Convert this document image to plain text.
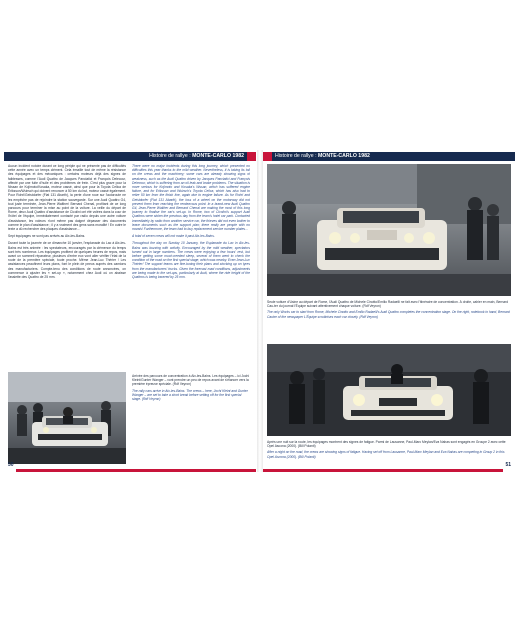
Histoire de rallye : MONTE-CARLO 1982

Aucun incident notoire durant ce long périple qui ne présente pas de difficultés cette année avec un temps clément. Cela émaille tout de même la résistance des équipages et des mécaniques : certains moteurs déjà des signes de faiblesses, comme l'Audi Quattro de Jacques Panciatici et François Delecour, affecté par une fuite d'huile et des problèmes de frein. C'est plus grave pour la Nissan de Kojimoto/Kosaka, moteur cassé, ainsi que pour la Toyota Celica de Eriksson/Wuirsch qui doivent renoncer à 50 km du but, moteur cassé également. Pour Rohrl/Geistdorfer (Fiat 131 Abarth), la perte d'une roue sur l'autoroute ne les empêche pas de rejoindre la station sauvegarde. Sur une Audi Quattro G4, tout juste terminée, Jean-Pierre Walther/ Bernard Chenal, profitant de ce long parcours pour terminer la mise au point de la voiture. La veille du départ de Rome, deux Audi Quattro d'assistance de Cicolini ont été volées dans la cour de l'hôtel de l'équipe, immédiatement contacté par radio depuis une autre voiture d'assistance, les voleurs n'ont même pas daigné dépasser des documents comme le plan d'assistance ; il y a vraiment des gens sans moralité ! En outre le texte a dû rechercher des plaques d'assistance...

Sept équipages ne sont pas arrivés au Aix-les-Bains.

Durant toute la journée de ce dimanche 10 janvier, l'esplanade du Lac à Aix-les-Bains est très animée : les spectateurs, encouragés par la clémence du temps sont très nombreux. Les équipages profitent de quelques heures de repos, mais avant un sommeil réparateur, plusieurs d'entre eux vont aller vérifier l'état de la route de la première spéciale, toute proche. Même Jean-Luc Thérier ! Les assistances peaufinent leurs plans, font le plein de pneus auprès des camions des manufacturiers. Compte-tenu des conditions de route annoncées, on commence à ajuster les « set-up », notamment chez Audi où on abaisse l'assiette des Quattro de 25 mm.

There were no major incidents during this long journey, which presented no difficulties this year thanks to the mild weather. Nevertheless, it is taking its toll on the crews and the machinery; some cars are already showing signs of weakness, such as the Audi Quattro driven by Jacques Panciatici and François Delecour, which is suffering from an oil leak and brake problems. The situation is more serious for Kojimoto and Kosaka's Nissan, which has suffered engine failure, and for Eriksson and Wuirsch's Toyota Celica, which has also had to retire 50 km from the finish line, again due to engine failure. As for Rohrl and Geistdorfer (Fiat 131 Abarth), the loss of a wheel on the motorway did not prevent them from reaching the rendezvous point. In a brand-new Audi Quattro G4, Jean-Pierre Walther and Bernard Chenal are making the most of this long journey to finalise the car's set-up. In Rome, two of Cicolini's support Audi Quattros were stolen the previous day from the team's hotel car park. Contacted immediately by radio from another service car, the thieves did not even bother to leave documents such as the support plan; there really are people with no morals! Furthermore, the team had to buy replacement service number plates...

A total of seven crews will not make it past Aix-les-Bains.

Throughout the day on Sunday 10 January, the Esplanade du Lac in Aix-les-Bains was buzzing with activity. Encouraged by the mild weather, spectators turned out in large numbers. The crews were enjoying a few hours' rest, but before getting some much-needed sleep, several of them went to check the condition of the road on the first special stage, which was nearby. Even Jean-Luc Thérier! The support teams are fine-tuning their plans and stocking up on tyres from the manufacturers' trucks. Given the forecast road conditions, adjustments are being made to the set-ups, particularly at Audi, where the ride height of the Quattros is being lowered by 25 mm.

Arrivée des parcours de concentration à Aix-les-Bains. Les équipages – ici Jochi Kleint/Gunter Wanger – vont prendre un peu de repos avant de s'élancer vers la première épreuve spéciale. (Rdf Veyron)
The rally cars arrive in Aix-les-Bains. The crews – here, Jochi Kleint and Gunter Wanger – are set to take a short break before setting off for the first special stage. (Rdf Veyron)
50
Histoire de rallye : MONTE-CARLO 1982
Seule voiture d'Usine au départ de Rome, l'Audi Quattro de Michele Cinotto/Emilio Radaelli ne fait avec l'itinéraire de concentration. À droite, cahier en main, Bernard Cau-ter du journal l'Équipe suivant attentivement chaque voiture. (Rdf Veyron)
The only Works car to start from Rome, Michele Cinotto and Emilio Radaelli's Audi Quattro completes the concentration stage. On the right, notebook in hand, Bernard Cauter of the newspaper L'Équipe scrutinises each car closely. (Rdf Veyron)
Après une nuit sur la route, les équipages montrent des signes de fatigue. Parmi de Lausanne, Paul-Marc Meylan/Eva Nahas sont engagés en Groupe 2 avec cette Opel Ascona (2000). (Bill Polanti)
After a night on the road, the crews are showing signs of fatigue. Having set off from Lausanne, Paul-Marc Meylan and Eva Nahas are competing in Group 2 in this Opel Ascona (2000). (Bill Polanti)
51
